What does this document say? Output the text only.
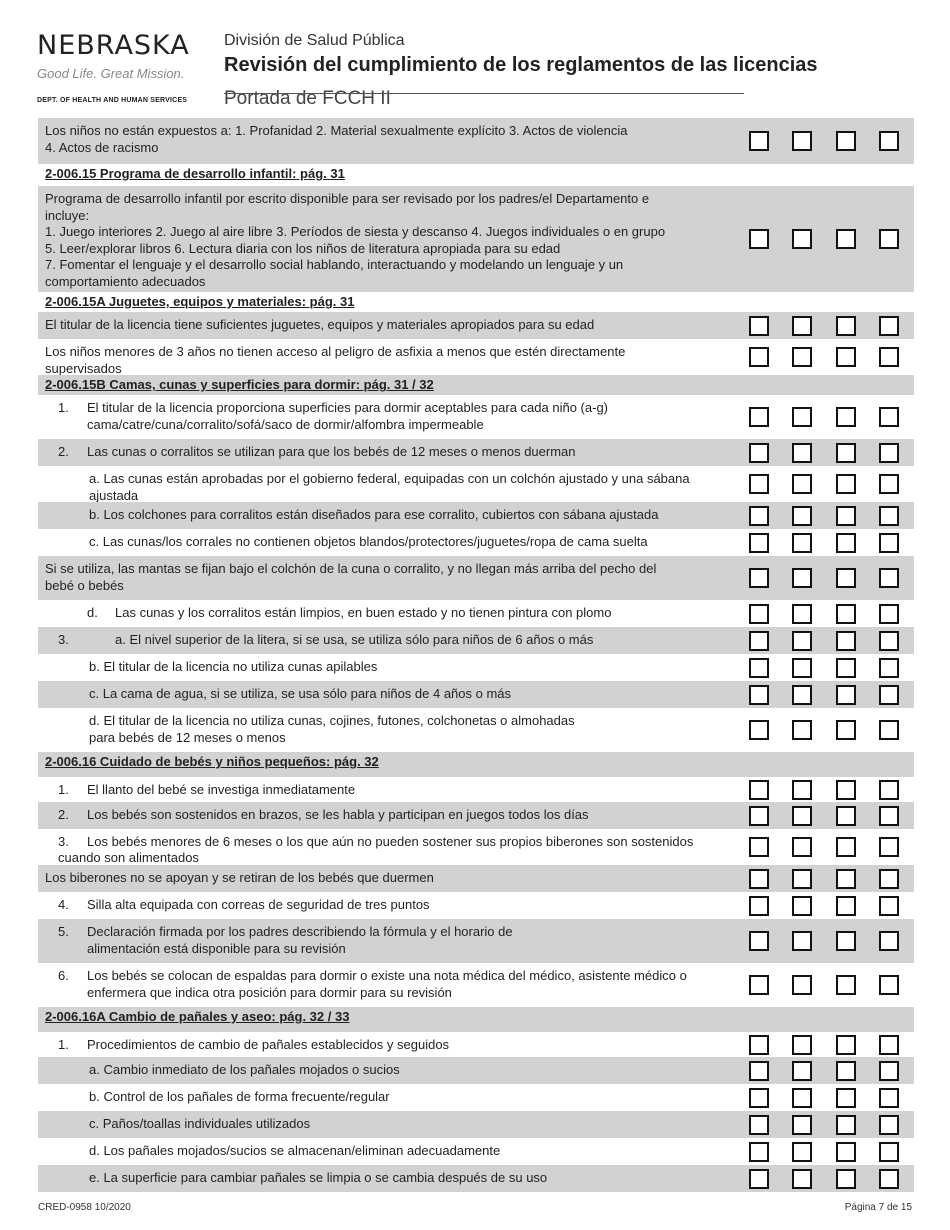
NEBRASKA
Good Life. Great Mission.
DEPT. OF HEALTH AND HUMAN SERVICES
División de Salud Pública
Revisión del cumplimiento de los reglamentos de las licencias
Portada de FCCH II
Los niños no están expuestos a: 1. Profanidad 2. Material sexualmente explícito 3. Actos de violencia
4. Actos de racismo
2-006.15 Programa de desarrollo infantil: pág. 31
Programa de desarrollo infantil por escrito disponible para ser revisado por los padres/el Departamento e
incluye:
1. Juego interiores 2. Juego al aire libre 3. Períodos de siesta y descanso 4. Juegos individuales o en grupo
5. Leer/explorar libros 6. Lectura diaria con los niños de literatura apropiada para su edad
7. Fomentar el lenguaje y el desarrollo social hablando, interactuando y modelando un lenguaje y un
comportamiento adecuados
2-006.15A Juguetes, equipos y materiales: pág. 31
El titular de la licencia tiene suficientes juguetes, equipos y materiales apropiados para su edad
Los niños menores de 3 años no tienen acceso al peligro de asfixia a menos que estén directamente
supervisados
2-006.15B Camas, cunas y superficies para dormir: pág. 31 / 32
1. El titular de la licencia proporciona superficies para dormir aceptables para cada niño (a-g)
cama/catre/cuna/corralito/sofá/saco de dormir/alfombra impermeable
2. Las cunas o corralitos se utilizan para que los bebés de 12 meses o menos duerman
a. Las cunas están aprobadas por el gobierno federal, equipadas con un colchón ajustado y una sábana
ajustada
b. Los colchones para corralitos están diseñados para ese corralito, cubiertos con sábana ajustada
c. Las cunas/los corrales no contienen objetos blandos/protectores/juguetes/ropa de cama suelta
Si se utiliza, las mantas se fijan bajo el colchón de la cuna o corralito, y no llegan más arriba del pecho del
bebé o bebés
d. Las cunas y los corralitos están limpios, en buen estado y no tienen pintura con plomo
3.	a. El nivel superior de la litera, si se usa, se utiliza sólo para niños de 6 años o más
b. El titular de la licencia no utiliza cunas apilables
c. La cama de agua, si se utiliza, se usa sólo para niños de 4 años o más
d. El titular de la licencia no utiliza cunas, cojines, futones, colchonetas o almohadas
para bebés de 12 meses o menos
2-006.16 Cuidado de bebés y niños pequeños: pág. 32
1. El llanto del bebé se investiga inmediatamente
2. Los bebés son sostenidos en brazos, se les habla y participan en juegos todos los días
3. Los bebés menores de 6 meses o los que aún no pueden sostener sus propios biberones son sostenidos
cuando son alimentados
Los biberones no se apoyan y se retiran de los bebés que duermen
4. Silla alta equipada con correas de seguridad de tres puntos
5. Declaración firmada por los padres describiendo la fórmula y el horario de
alimentación está disponible para su revisión
6. Los bebés se colocan de espaldas para dormir o existe una nota médica del médico, asistente médico o
enfermera que indica otra posición para dormir para su revisión
2-006.16A Cambio de pañales y aseo: pág. 32 / 33
1. Procedimientos de cambio de pañales establecidos y seguidos
a. Cambio inmediato de los pañales mojados o sucios
b. Control de los pañales de forma frecuente/regular
c. Paños/toallas individuales utilizados
d. Los pañales mojados/sucios se almacenan/eliminan adecuadamente
e. La superficie para cambiar pañales se limpia o se cambia después de su uso
CRED-0958 10/2020	Página 7 de 15
